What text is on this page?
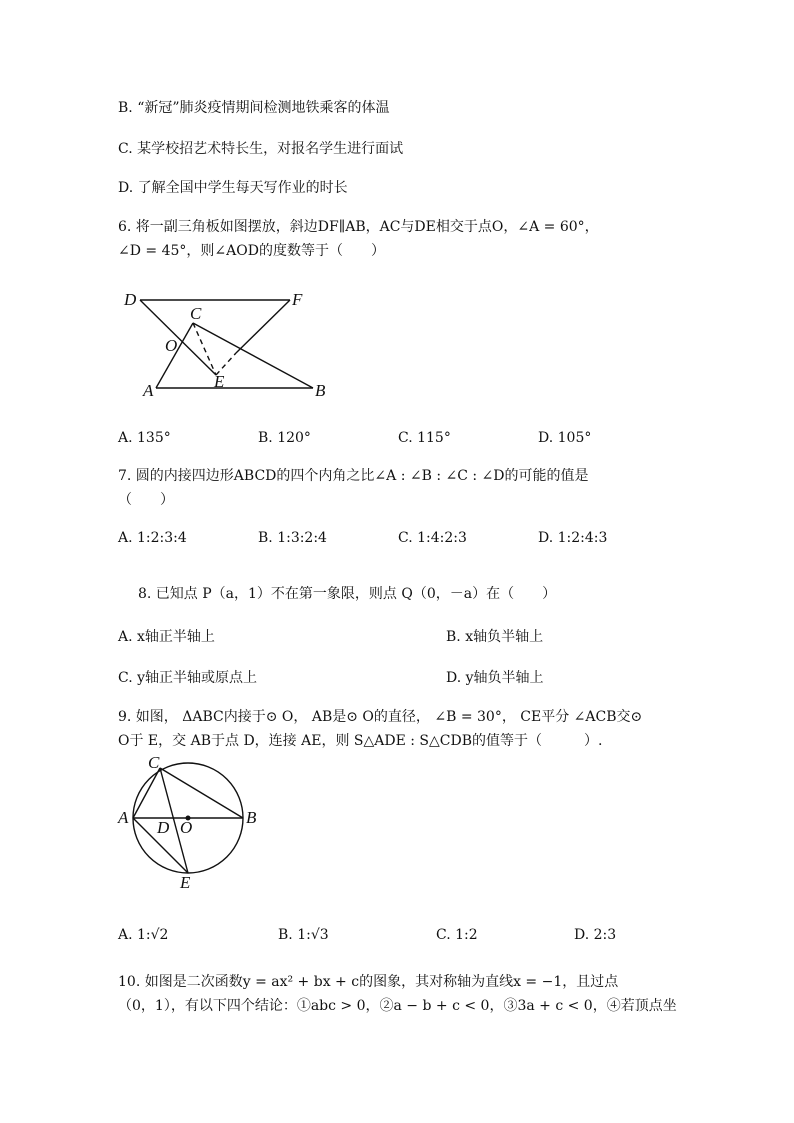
B. “新冠”肺炎疫情期间检测地铁乘客的体温
C. 某学校招艺术特长生，对报名学生进行面试
D. 了解全国中学生每天写作业的时长
6. 将一副三角板如图摆放，斜边DF∥AB，AC与DE相交于点O，∠A = 60°，
∠D = 45°，则∠AOD的度数等于（　　）
D	F
C
O
E
A	B
A. 135°	B. 120°	C. 115°	D. 105°
7. 圆的内接四边形ABCD的四个内角之比∠A : ∠B : ∠C : ∠D的可能的值是
（　　）
A. 1:2:3:4	B. 1:3:2:4	C. 1:4:2:3	D. 1:2:4:3
8. 已知点 P（a，1）不在第一象限，则点 Q（0，－a）在（　　）
A. x轴正半轴上	B. x轴负半轴上
C. y轴正半轴或原点上	D. y轴负半轴上
9. 如图， ΔABC内接于⊙ O， AB是⊙ O的直径， ∠B = 30°， CE平分 ∠ACB交⊙
O于 E，交 AB于点 D，连接 AE，则 S△ADE : S△CDB的值等于（　　　）.
C
A
D O
B
E
A. 1:√2	B. 1:√3	C. 1:2	D. 2:3
10. 如图是二次函数y = ax² + bx + c的图象，其对称轴为直线x = −1，且过点
（0，1），有以下四个结论：①abc > 0，②a − b + c < 0，③3a + c < 0，④若顶点坐
